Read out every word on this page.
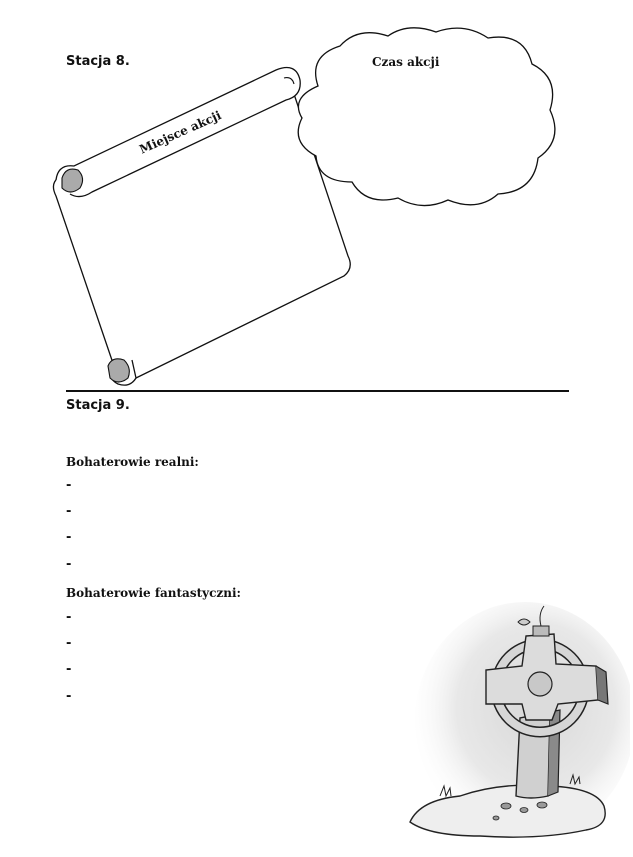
Stacja 8.
Miejsce akcji
Czas akcji
Stacja 9.
Bohaterowie realni:
-
-
-
-
Bohaterowie fantastyczni:
-
-
-
-
